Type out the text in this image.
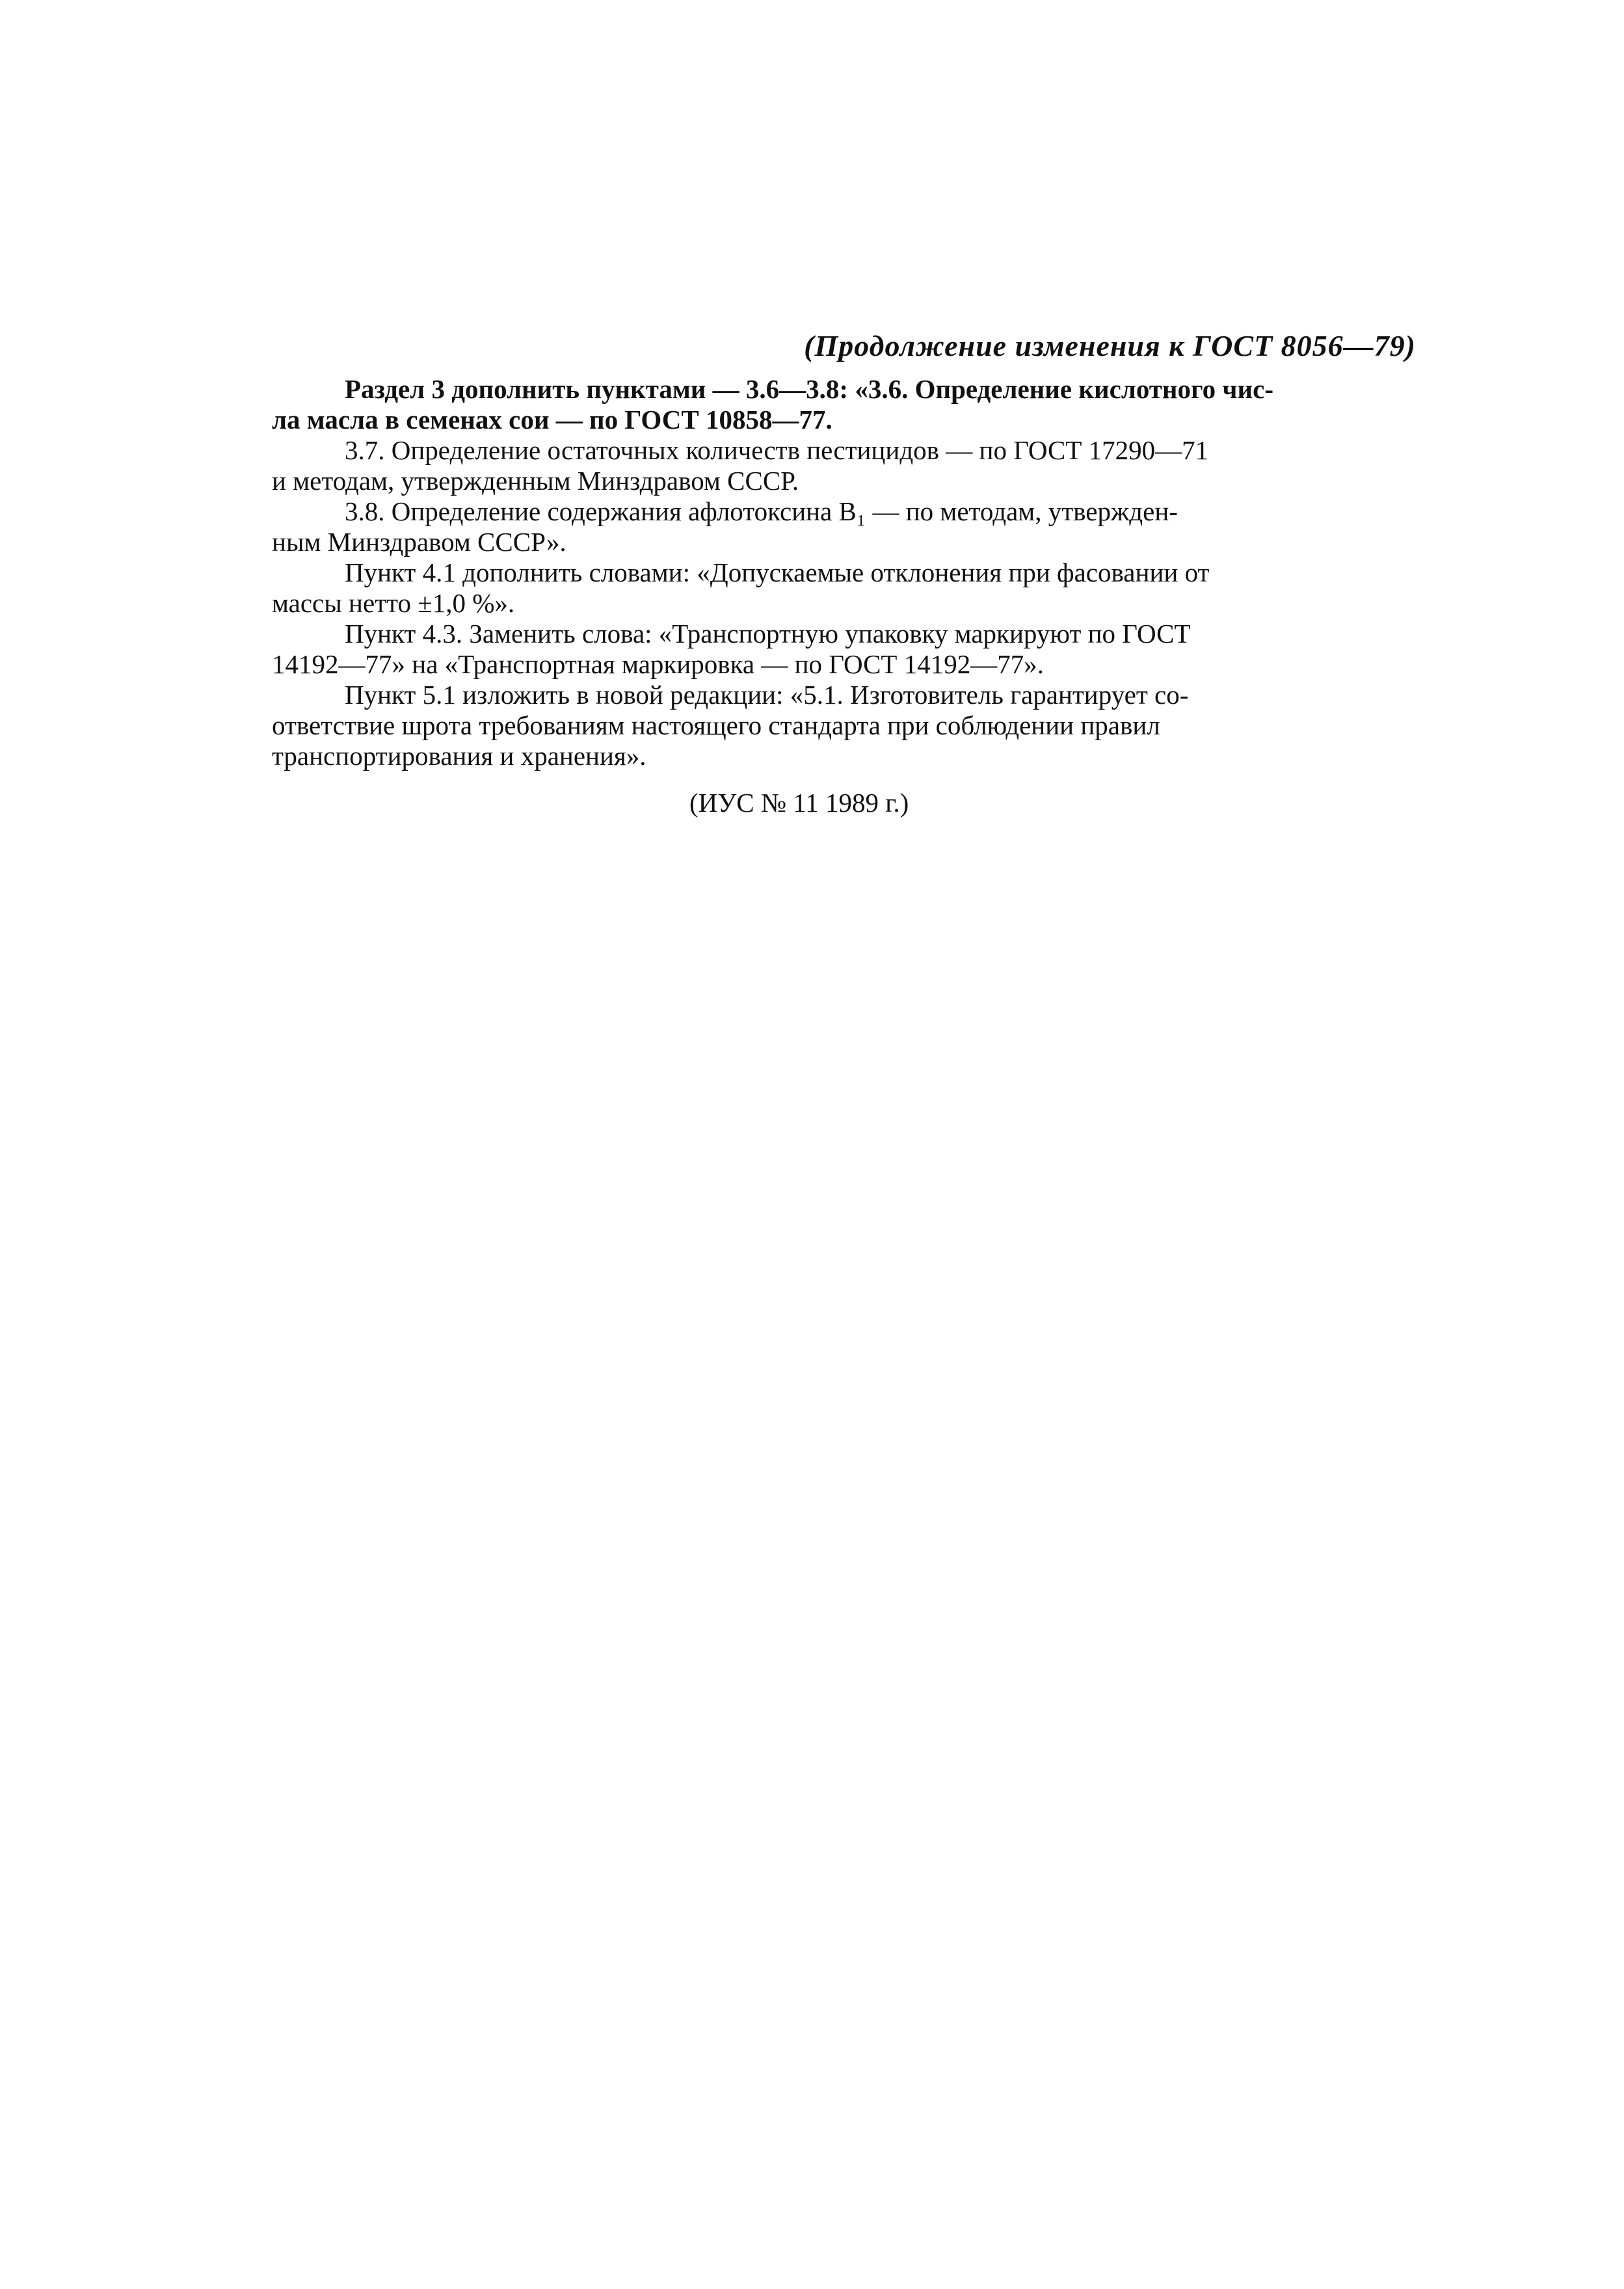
(Продолжение изменения к ГОСТ 8056—79)

Раздел 3 дополнить пунктами — 3.6—3.8: «3.6. Определение кислотного чис-

ла масла в семенах сои — по ГОСТ 10858—77.

3.7. Определение остаточных количеств пестицидов — по ГОСТ 17290—71

и методам, утвержденным Минздравом СССР.

3.8. Определение содержания афлотоксина B₁ — по методам, утвержден-

ным Минздравом СССР».

Пункт 4.1 дополнить словами: «Допускаемые отклонения при фасовании от

массы нетто ±1,0 %».

Пункт 4.3. Заменить слова: «Транспортную упаковку маркируют по ГОСТ

14192—77» на «Транспортная маркировка — по ГОСТ 14192—77».

Пункт 5.1 изложить в новой редакции: «5.1. Изготовитель гарантирует со-

ответствие шрота требованиям настоящего стандарта при соблюдении правил

транспортирования и хранения».

(ИУС № 11 1989 г.)
